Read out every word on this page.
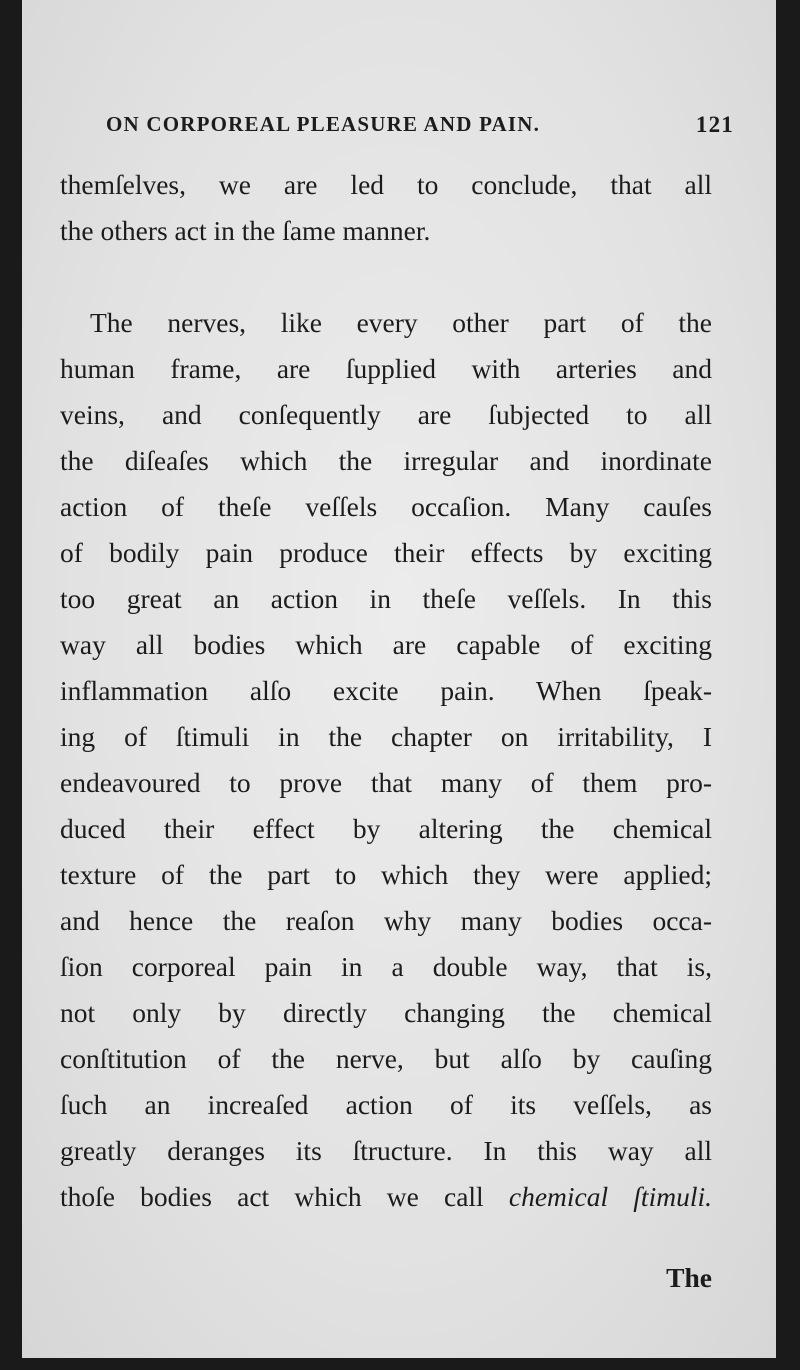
ON CORPOREAL PLEASURE AND PAIN.	121
themſelves, we are led to conclude, that all
the others act in the ſame manner.
The nerves, like every other part of the
human frame, are ſupplied with arteries and
veins, and conſequently are ſubjected to all
the diſeaſes which the irregular and inordinate
action of theſe veſſels occaſion. Many cauſes
of bodily pain produce their effects by exciting
too great an action in theſe veſſels. In this
way all bodies which are capable of exciting
inflammation alſo excite pain. When ſpeak-
ing of ſtimuli in the chapter on irritability, I
endeavoured to prove that many of them pro-
duced their effect by altering the chemical
texture of the part to which they were applied;
and hence the reaſon why many bodies occa-
ſion corporeal pain in a double way, that is,
not only by directly changing the chemical
conſtitution of the nerve, but alſo by cauſing
ſuch an increaſed action of its veſſels, as
greatly deranges its ſtructure. In this way all
thoſe bodies act which we call chemical ſtimuli.
The
